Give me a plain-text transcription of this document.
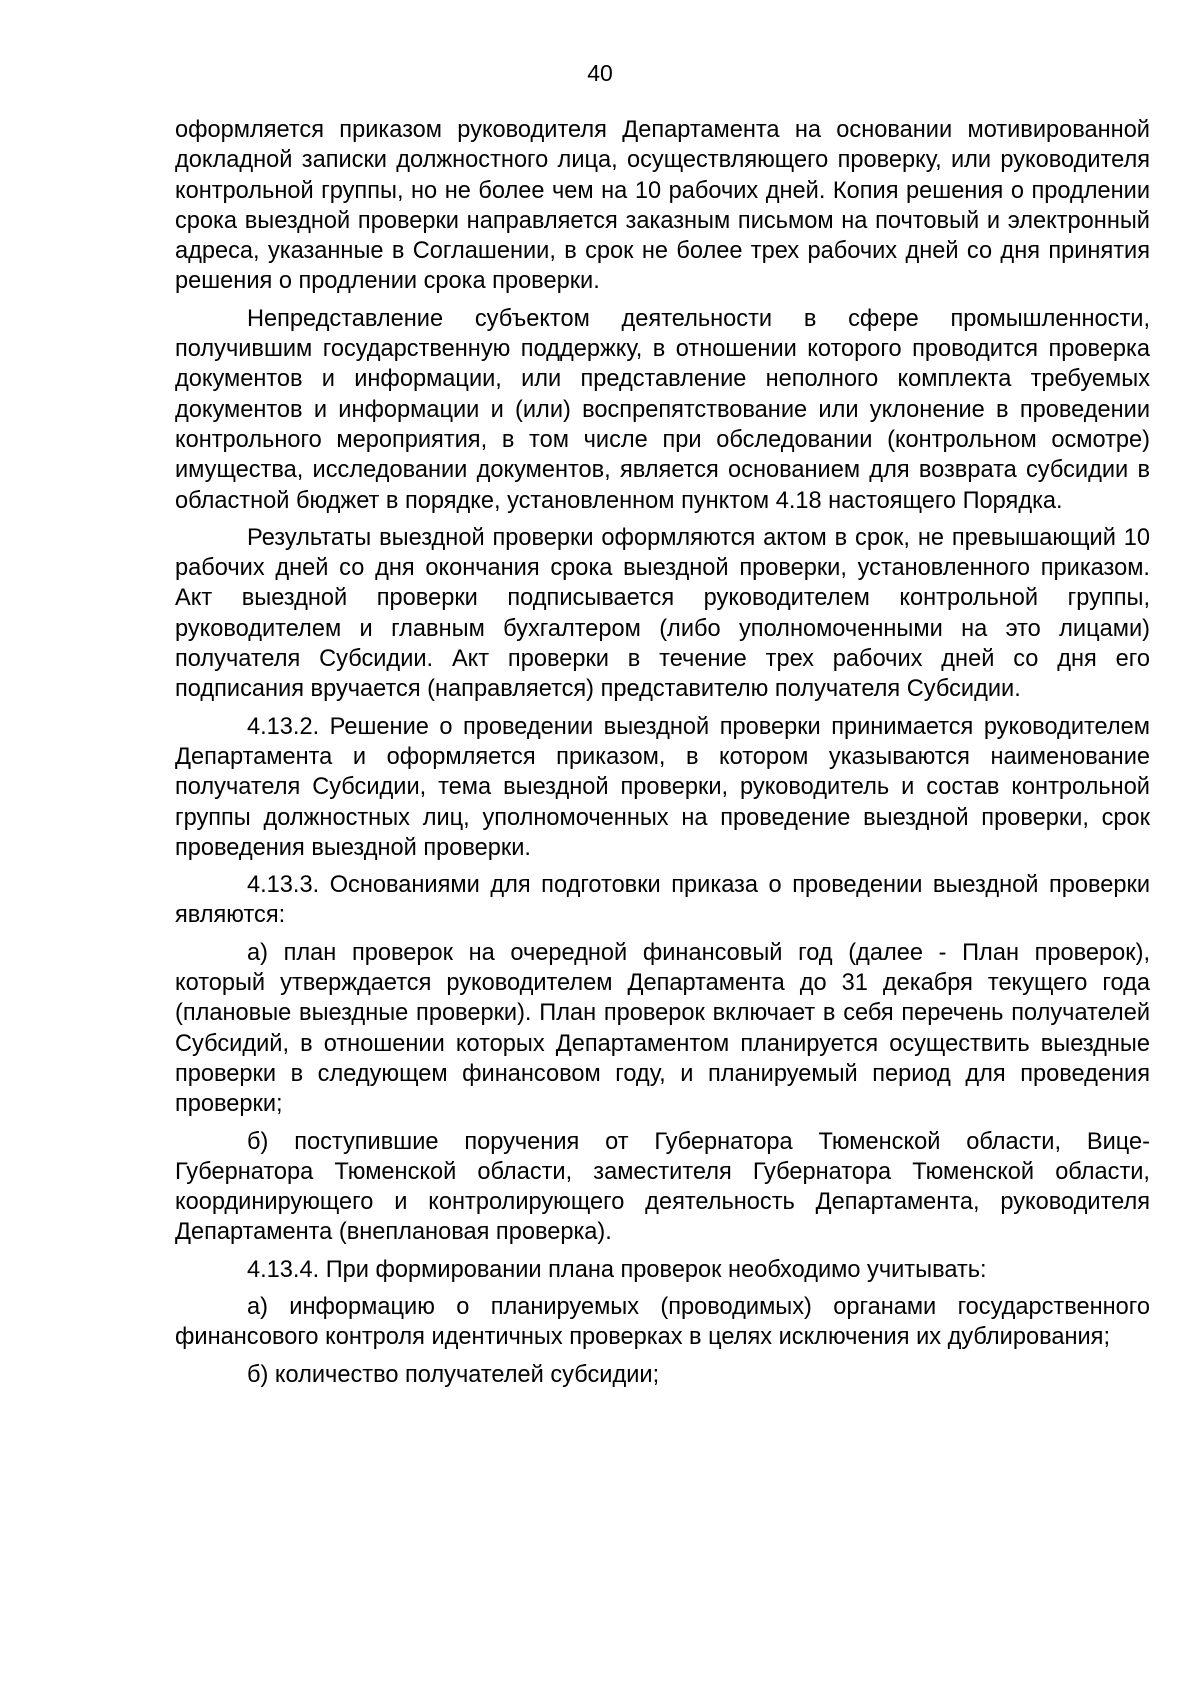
40

оформляется приказом руководителя Департамента на основании мотивированной докладной записки должностного лица, осуществляющего проверку, или руководителя контрольной группы, но не более чем на 10 рабочих дней. Копия решения о продлении срока выездной проверки направляется заказным письмом на почтовый и электронный адреса, указанные в Соглашении, в срок не более трех рабочих дней со дня принятия решения о продлении срока проверки.

Непредставление субъектом деятельности в сфере промышленности, получившим государственную поддержку, в отношении которого проводится проверка документов и информации, или представление неполного комплекта требуемых документов и информации и (или) воспрепятствование или уклонение в проведении контрольного мероприятия, в том числе при обследовании (контрольном осмотре) имущества, исследовании документов, является основанием для возврата субсидии в областной бюджет в порядке, установленном пунктом 4.18 настоящего Порядка.

Результаты выездной проверки оформляются актом в срок, не превышающий 10 рабочих дней со дня окончания срока выездной проверки, установленного приказом. Акт выездной проверки подписывается руководителем контрольной группы, руководителем и главным бухгалтером (либо уполномоченными на это лицами) получателя Субсидии. Акт проверки в течение трех рабочих дней со дня его подписания вручается (направляется) представителю получателя Субсидии.

4.13.2. Решение о проведении выездной проверки принимается руководителем Департамента и оформляется приказом, в котором указываются наименование получателя Субсидии, тема выездной проверки, руководитель и состав контрольной группы должностных лиц, уполномоченных на проведение выездной проверки, срок проведения выездной проверки.

4.13.3. Основаниями для подготовки приказа о проведении выездной проверки являются:

а) план проверок на очередной финансовый год (далее - План проверок), который утверждается руководителем Департамента до 31 декабря текущего года (плановые выездные проверки). План проверок включает в себя перечень получателей Субсидий, в отношении которых Департаментом планируется осуществить выездные проверки в следующем финансовом году, и планируемый период для проведения проверки;

б) поступившие поручения от Губернатора Тюменской области, Вице-Губернатора Тюменской области, заместителя Губернатора Тюменской области, координирующего и контролирующего деятельность Департамента, руководителя Департамента (внеплановая проверка).

4.13.4. При формировании плана проверок необходимо учитывать:

а) информацию о планируемых (проводимых) органами государственного финансового контроля идентичных проверках в целях исключения их дублирования;

б) количество получателей субсидии;
